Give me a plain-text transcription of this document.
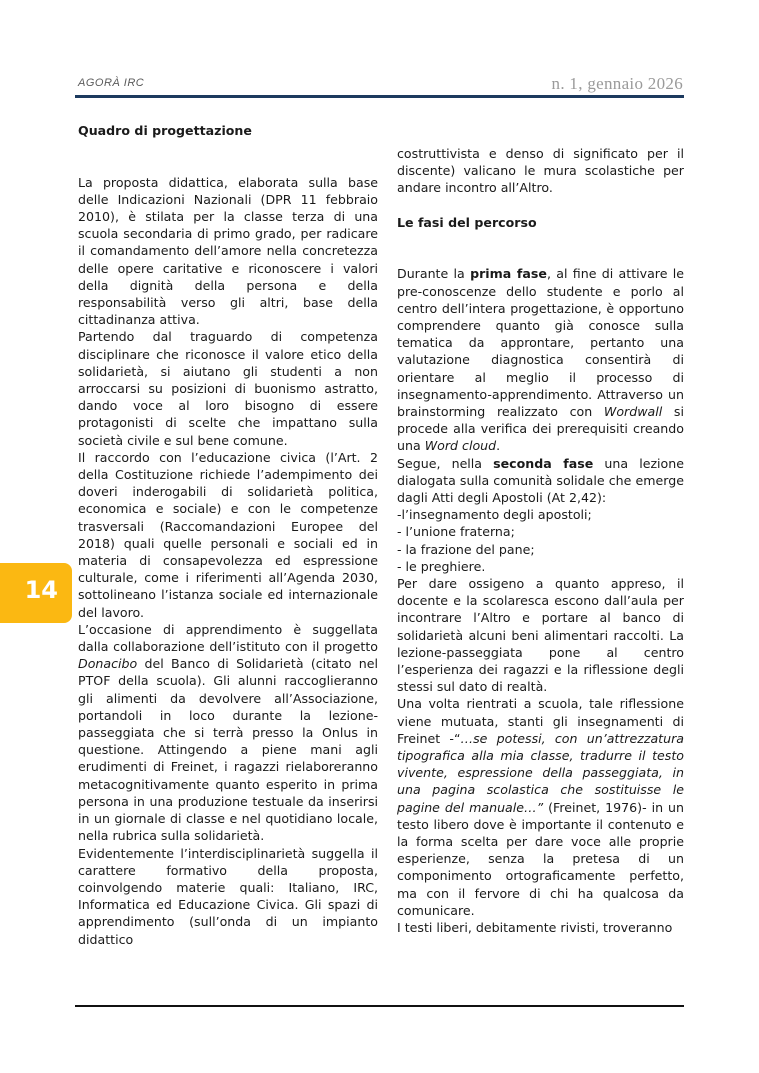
AGORÀ IRC	n. 1, gennaio 2026
14

Quadro di progettazione

La proposta didattica, elaborata sulla base delle Indicazioni Nazionali (DPR 11 febbraio 2010), è stilata per la classe terza di una scuola secondaria di primo grado, per radicare il comandamento dell’amore nella concretezza delle opere caritative e riconoscere i valori della dignità della persona e della responsabilità verso gli altri, base della cittadinanza attiva.

Partendo dal traguardo di competenza disciplinare che riconosce il valore etico della solidarietà, si aiutano gli studenti a non arroccarsi su posizioni di buonismo astratto, dando voce al loro bisogno di essere protagonisti di scelte che impattano sulla società civile e sul bene comune.

Il raccordo con l’educazione civica (l’Art. 2 della Costituzione richiede l’adempimento dei doveri inderogabili di solidarietà politica, economica e sociale) e con le competenze trasversali (Raccomandazioni Europee del 2018) quali quelle personali e sociali ed in materia di consapevolezza ed espressione culturale, come i riferimenti all’Agenda 2030, sottolineano l’istanza sociale ed internazionale del lavoro.

L’occasione di apprendimento è suggellata dalla collaborazione dell’istituto con il progetto Donacibo del Banco di Solidarietà (citato nel PTOF della scuola). Gli alunni raccoglieranno gli alimenti da devolvere all’Associazione, portandoli in loco durante la lezione-passeggiata che si terrà presso la Onlus in questione. Attingendo a piene mani agli erudimenti di Freinet, i ragazzi rielaboreranno metacognitivamente quanto esperito in prima persona in una produzione testuale da inserirsi in un giornale di classe e nel quotidiano locale, nella rubrica sulla solidarietà.

Evidentemente l’interdisciplinarietà suggella il carattere formativo della proposta, coinvolgendo materie quali: Italiano, IRC, Informatica ed Educazione Civica. Gli spazi di apprendimento (sull’onda di un impianto didattico

costruttivista e denso di significato per il discente) valicano le mura scolastiche per andare incontro all’Altro.

Le fasi del percorso

Durante la prima fase, al fine di attivare le pre-conoscenze dello studente e porlo al centro dell’intera progettazione, è opportuno comprendere quanto già conosce sulla tematica da approntare, pertanto una valutazione diagnostica consentirà di orientare al meglio il processo di insegnamento-apprendimento. Attraverso un brainstorming realizzato con Wordwall si procede alla verifica dei prerequisiti creando una Word cloud.

Segue, nella seconda fase una lezione dialogata sulla comunità solidale che emerge dagli Atti degli Apostoli (At 2,42):

-l’insegnamento degli apostoli;

- l’unione fraterna;

- la frazione del pane;

- le preghiere.

Per dare ossigeno a quanto appreso, il docente e la scolaresca escono dall’aula per incontrare l’Altro e portare al banco di solidarietà alcuni beni alimentari raccolti. La lezione-passeggiata pone al centro l’esperienza dei ragazzi e la riflessione degli stessi sul dato di realtà.

Una volta rientrati a scuola, tale riflessione viene mutuata, stanti gli insegnamenti di Freinet -“…se potessi, con un’attrezzatura tipografica alla mia classe, tradurre il testo vivente, espressione della passeggiata, in una pagina scolastica che sostituisse le pagine del manuale…” (Freinet, 1976)- in un testo libero dove è importante il contenuto e la forma scelta per dare voce alle proprie esperienze, senza la pretesa di un componimento ortograficamente perfetto, ma con il fervore di chi ha qualcosa da comunicare.

I testi liberi, debitamente rivisti, troveranno
